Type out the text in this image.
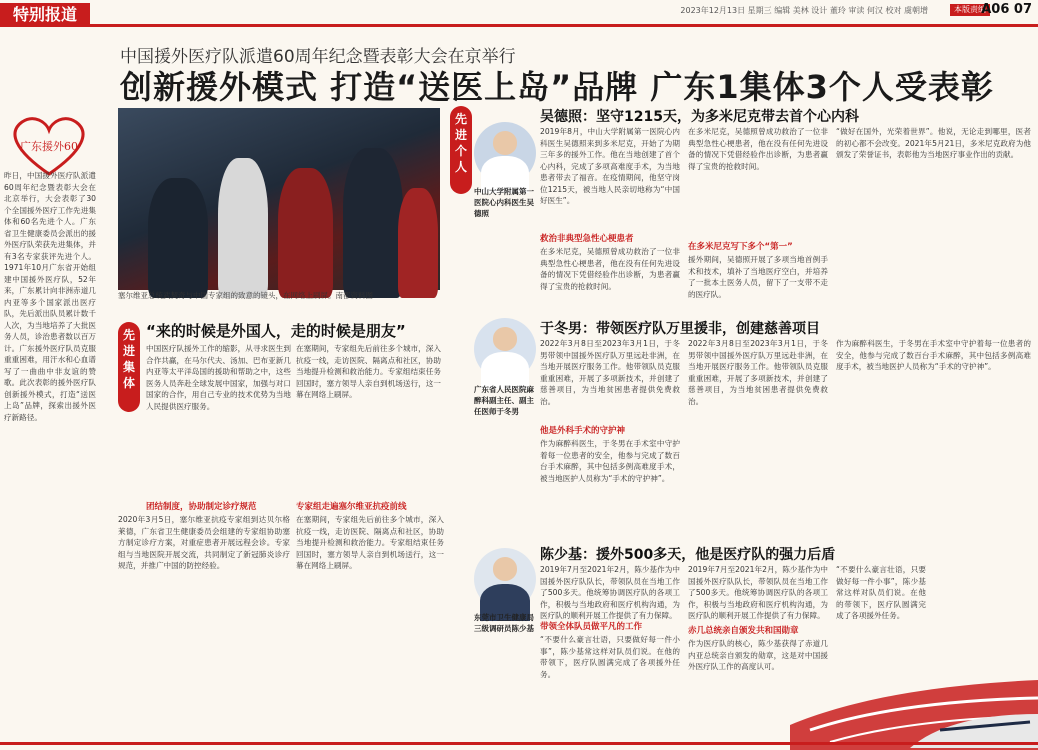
特别报道	2023年12月13日 星期三 编辑 美林 设计 董玲 审读 何汉 校对 虞朝增	本版责编
A06 07
中国援外医疗队派遣60周年纪念暨表彰大会在京举行
创新援外模式 打造“送医上岛”品牌 广东1集体3个人受表彰
广东援外60
昨日，中国援外医疗队派遣60周年纪念暨表彰大会在北京举行，大会表彰了30个全国援外医疗工作先进集体和60名先进个人。广东省卫生健康委员会派出的援外医疗队荣获先进集体，并有3名专家获评先进个人。1971年10月广东省开始组建中国援外医疗队，52年来，广东累计向非洲赤道几内亚等多个国家派出医疗队，先后派出队员累计数千人次，为当地培养了大批医务人员，诊治患者数以百万计。广东援外医疗队员克服重重困难，用汗水和心血谱写了一曲曲中非友谊的赞歌。此次表彰的援外医疗队创新援外模式，打造“送医上岛”品牌，探索出援外医疗新路径。
塞尔维亚总统武契奇与中国专家组的致意的镜头，在网络上刷屏。南都资料图
先进集体
“来的时候是外国人，走的时候是朋友”
中国医疗队援外工作的缩影，从寻求医生到合作共赢，在马尔代夫、汤加、巴布亚新几内亚等太平洋岛国的援助和帮助之中，这些医务人员奔赴全球发展中国家，加强与对口国家的合作，用自己专业的技术优势为当地人民提供医疗服务。
在塞期间，专家组先后前往多个城市，深入抗疫一线，走访医院、隔离点和社区，协助当地提升检测和救治能力。专家组结束任务回国时，塞方领导人亲自到机场送行，这一幕在网络上刷屏。
团结制度，协助制定诊疗规范
2020年3月5日，塞尔维亚抗疫专家组到达贝尔格莱德，广东省卫生健康委员会组建的专家组协助塞方制定诊疗方案，对重症患者开展远程会诊。专家组与当地医院开展交流，共同制定了新冠肺炎诊疗规范，并推广中国的防控经验。
专家组走遍塞尔维亚抗疫前线
在塞期间，专家组先后前往多个城市，深入抗疫一线，走访医院、隔离点和社区，协助当地提升检测和救治能力。专家组结束任务回国时，塞方领导人亲自到机场送行，这一幕在网络上刷屏。
先进个人
吴德照：坚守1215天，为多米尼克带去首个心内科
中山大学附属第一医院心内科医生吴德照
2019年8月，中山大学附属第一医院心内科医生吴德照来到多米尼克，开始了为期三年多的援外工作。他在当地创建了首个心内科，完成了多项高难度手术，为当地患者带去了福音。在疫情期间，他坚守岗位1215天，被当地人民亲切地称为“中国好医生”。
救治非典型急性心梗患者
在多米尼克，吴德照曾成功救治了一位非典型急性心梗患者，他在没有任何先进设备的情况下凭借经验作出诊断，为患者赢得了宝贵的抢救时间。
在多米尼克，吴德照曾成功救治了一位非典型急性心梗患者，他在没有任何先进设备的情况下凭借经验作出诊断，为患者赢得了宝贵的抢救时间。
在多米尼克写下多个“第一”
援外期间，吴德照开展了多项当地首例手术和技术，填补了当地医疗空白，并培养了一批本土医务人员，留下了一支带不走的医疗队。
“做好在国外，光荣着世界”。他说，无论走到哪里，医者的初心都不会改变。2021年5月21日，多米尼克政府为他颁发了荣誉证书，表彰他为当地医疗事业作出的贡献。
于冬男：带领医疗队万里援非，创建慈善项目
广东省人民医院麻醉科副主任、副主任医师于冬男
2022年3月8日至2023年3月1日，于冬男带领中国援外医疗队万里远赴非洲，在当地开展医疗服务工作。他带领队员克服重重困难，开展了多项新技术，并创建了慈善项目，为当地贫困患者提供免费救治。
他是外科手术的守护神
作为麻醉科医生，于冬男在手术室中守护着每一位患者的安全，他参与完成了数百台手术麻醉，其中包括多例高难度手术，被当地医护人员称为“手术的守护神”。
2022年3月8日至2023年3月1日，于冬男带领中国援外医疗队万里远赴非洲，在当地开展医疗服务工作。他带领队员克服重重困难，开展了多项新技术，并创建了慈善项目，为当地贫困患者提供免费救治。
作为麻醉科医生，于冬男在手术室中守护着每一位患者的安全，他参与完成了数百台手术麻醉，其中包括多例高难度手术，被当地医护人员称为“手术的守护神”。
陈少基：援外500多天，他是医疗队的强力后盾
东莞市卫生健康局三级调研员陈少基
2019年7月至2021年2月，陈少基作为中国援外医疗队队长，带领队员在当地工作了500多天。他统筹协调医疗队的各项工作，积极与当地政府和医疗机构沟通，为医疗队的顺利开展工作提供了有力保障。
带领全体队员做平凡的工作
“不要什么豪言壮语，只要做好每一件小事”，陈少基常这样对队员们说。在他的带领下，医疗队圆满完成了各项援外任务。
2019年7月至2021年2月，陈少基作为中国援外医疗队队长，带领队员在当地工作了500多天。他统筹协调医疗队的各项工作，积极与当地政府和医疗机构沟通，为医疗队的顺利开展工作提供了有力保障。
赤几总统亲自颁发共和国勋章
作为医疗队的核心，陈少基获得了赤道几内亚总统亲自颁发的勋章，这是对中国援外医疗队工作的高度认可。
“不要什么豪言壮语，只要做好每一件小事”，陈少基常这样对队员们说。在他的带领下，医疗队圆满完成了各项援外任务。
